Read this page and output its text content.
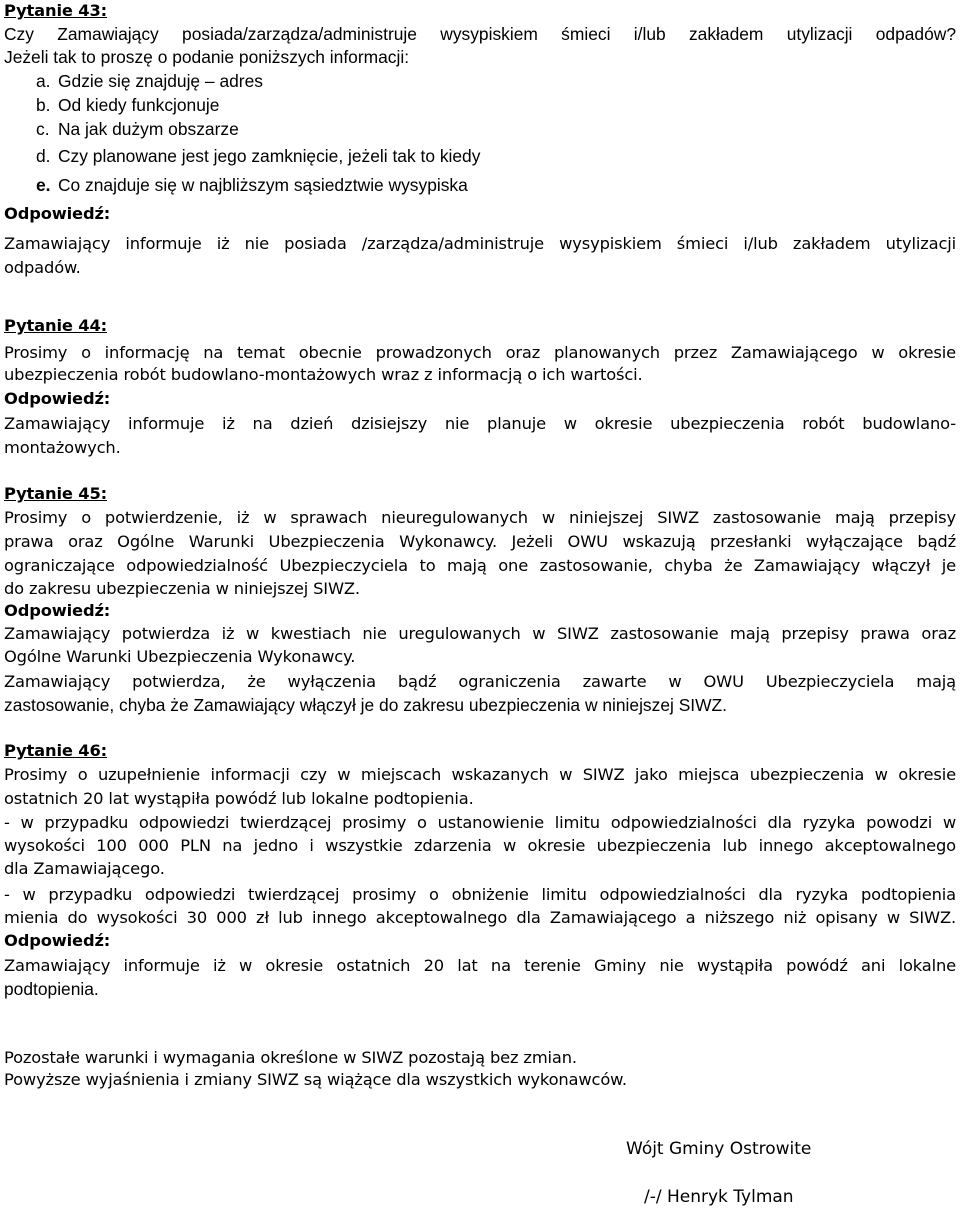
Pytanie 43:
Czy Zamawiający posiada/zarządza/administruje wysypiskiem śmieci i/lub zakładem utylizacji odpadów?
Jeżeli tak to proszę o podanie poniższych informacji:
a. Gdzie się znajduję – adres
b. Od kiedy funkcjonuje
c. Na jak dużym obszarze
d. Czy planowane jest jego zamknięcie, jeżeli tak to kiedy
e. Co znajduje się w najbliższym sąsiedztwie wysypiska
Odpowiedź:
Zamawiający informuje iż nie posiada /zarządza/administruje wysypiskiem śmieci i/lub zakładem utylizacji
odpadów.
Pytanie 44:
Prosimy o informację na temat obecnie prowadzonych oraz planowanych przez Zamawiającego w okresie
ubezpieczenia robót budowlano-montażowych wraz z informacją o ich wartości.
Odpowiedź:
Zamawiający informuje iż na dzień dzisiejszy nie planuje w okresie ubezpieczenia robót budowlano-
montażowych.
Pytanie 45:
Prosimy o potwierdzenie, iż w sprawach nieuregulowanych w niniejszej SIWZ zastosowanie mają przepisy
prawa oraz Ogólne Warunki Ubezpieczenia Wykonawcy. Jeżeli OWU wskazują przesłanki wyłączające bądź
ograniczające odpowiedzialność Ubezpieczyciela to mają one zastosowanie, chyba że Zamawiający włączył je
do zakresu ubezpieczenia w niniejszej SIWZ.
Odpowiedź:
Zamawiający potwierdza iż w kwestiach nie uregulowanych w SIWZ zastosowanie mają przepisy prawa oraz
Ogólne Warunki Ubezpieczenia Wykonawcy.
Zamawiający potwierdza, że wyłączenia bądź ograniczenia zawarte w OWU Ubezpieczyciela mają
zastosowanie, chyba że Zamawiający włączył je do zakresu ubezpieczenia w niniejszej SIWZ.
Pytanie 46:
Prosimy o uzupełnienie informacji czy w miejscach wskazanych w SIWZ jako miejsca ubezpieczenia w okresie
ostatnich 20 lat wystąpiła powódź lub lokalne podtopienia.
- w przypadku odpowiedzi twierdzącej prosimy o ustanowienie limitu odpowiedzialności dla ryzyka powodzi w
wysokości 100 000 PLN na jedno i wszystkie zdarzenia w okresie ubezpieczenia lub innego akceptowalnego
dla Zamawiającego.
- w przypadku odpowiedzi twierdzącej prosimy o obniżenie limitu odpowiedzialności dla ryzyka podtopienia
mienia do wysokości 30 000 zł lub innego akceptowalnego dla Zamawiającego a niższego niż opisany w SIWZ.
Odpowiedź:
Zamawiający informuje iż w okresie ostatnich 20 lat na terenie Gminy nie wystąpiła powódź ani lokalne
podtopienia.
Pozostałe warunki i wymagania określone w SIWZ pozostają bez zmian.
Powyższe wyjaśnienia i zmiany SIWZ są wiążące dla wszystkich wykonawców.
Wójt Gminy Ostrowite
/-/ Henryk Tylman
